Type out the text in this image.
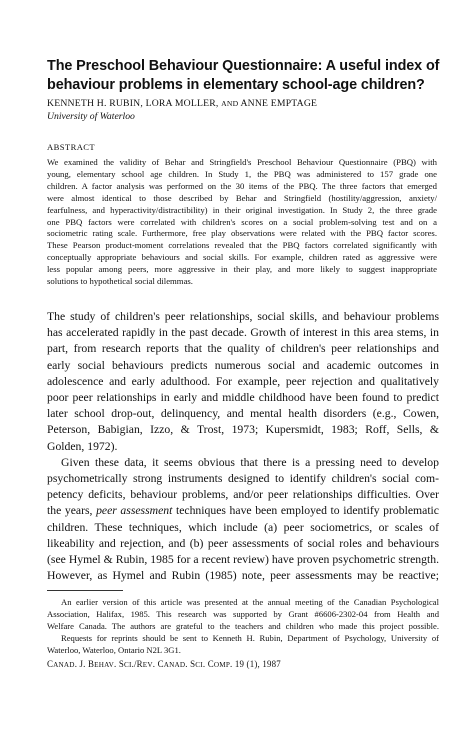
The Preschool Behaviour Questionnaire: A useful index of
behaviour problems in elementary school-age children?
KENNETH H. RUBIN, LORA MOLLER, AND ANNE EMPTAGE
University of Waterloo
ABSTRACT
We examined the validity of Behar and Stringfield's Preschool Behaviour Questionnaire (PBQ) with
young, elementary school age children. In Study 1, the PBQ was administered to 157 grade one
children. A factor analysis was performed on the 30 items of the PBQ. The three factors that emerged
were almost identical to those described by Behar and Stringfield (hostility/aggression, anxiety/
fearfulness, and hyperactivity/distractibility) in their original investigation. In Study 2, the three grade
one PBQ factors were correlated with children's scores on a social problem-solving test and on a
sociometric rating scale. Furthermore, free play observations were related with the PBQ factor scores.
These Pearson product-moment correlations revealed that the PBQ factors correlated significantly with
conceptually appropriate behaviours and social skills. For example, children rated as aggressive were
less popular among peers, more aggressive in their play, and more likely to suggest inappropriate
solutions to hypothetical social dilemmas.
The study of children's peer relationships, social skills, and behaviour problems
has accelerated rapidly in the past decade. Growth of interest in this area stems, in
part, from research reports that the quality of children's peer relationships and
early social behaviours predicts numerous social and academic outcomes in
adolescence and early adulthood. For example, peer rejection and qualitatively
poor peer relationships in early and middle childhood have been found to predict
later school drop-out, delinquency, and mental health disorders (e.g., Cowen,
Peterson, Babigian, Izzo, & Trost, 1973; Kupersmidt, 1983; Roff, Sells, &
Golden, 1972).
Given these data, it seems obvious that there is a pressing need to develop
psychometrically strong instruments designed to identify children's social com-
petency deficits, behaviour problems, and/or peer relationships difficulties. Over
the years, peer assessment techniques have been employed to identify problematic
children. These techniques, which include (a) peer sociometrics, or scales of
likeability and rejection, and (b) peer assessments of social roles and behaviours
(see Hymel & Rubin, 1985 for a recent review) have proven psychometric strength.
However, as Hymel and Rubin (1985) note, peer assessments may be reactive;
An earlier version of this article was presented at the annual meeting of the Canadian Psychological
Association, Halifax, 1985. This research was supported by Grant #6606-2302-04 from Health and
Welfare Canada. The authors are grateful to the teachers and children who made this project possible.
Requests for reprints should be sent to Kenneth H. Rubin, Department of Psychology, University of
Waterloo, Waterloo, Ontario N2L 3G1.
CANAD. J. BEHAV. SCI./REV. CANAD. SCI. COMP. 19 (1), 1987
